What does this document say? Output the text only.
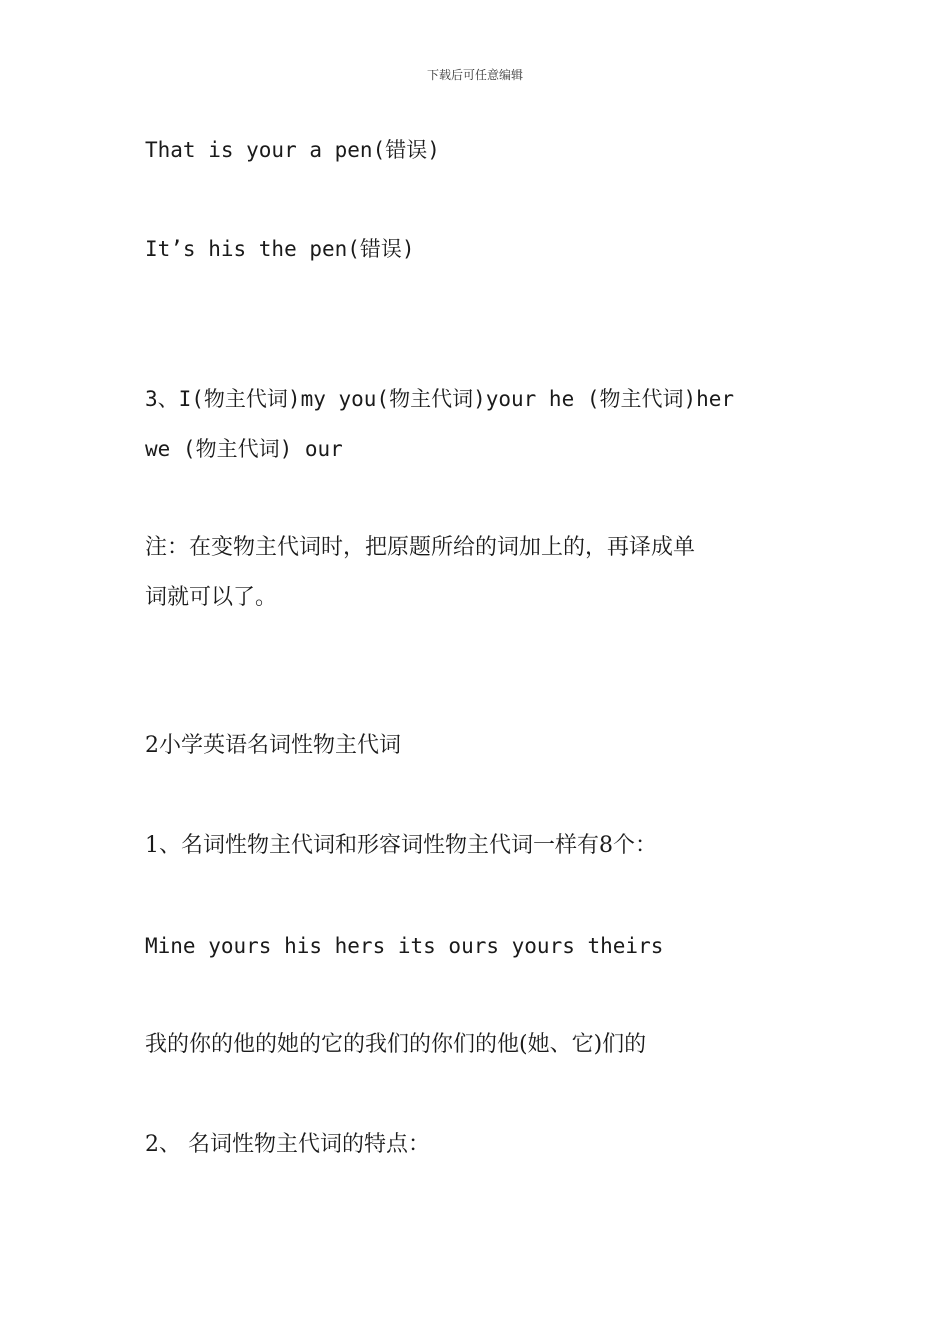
下载后可任意编辑
That is your a pen(错误)
It’s his the pen(错误)
3、I(物主代词)my you(物主代词)your he (物主代词)her
we (物主代词) our
注：在变物主代词时，把原题所给的词加上的，再译成单
词就可以了。
2小学英语名词性物主代词
1、名词性物主代词和形容词性物主代词一样有8个：
Mine yours his hers its ours yours theirs
我的你的他的她的它的我们的你们的他(她、它)们的
2、 名词性物主代词的特点：
